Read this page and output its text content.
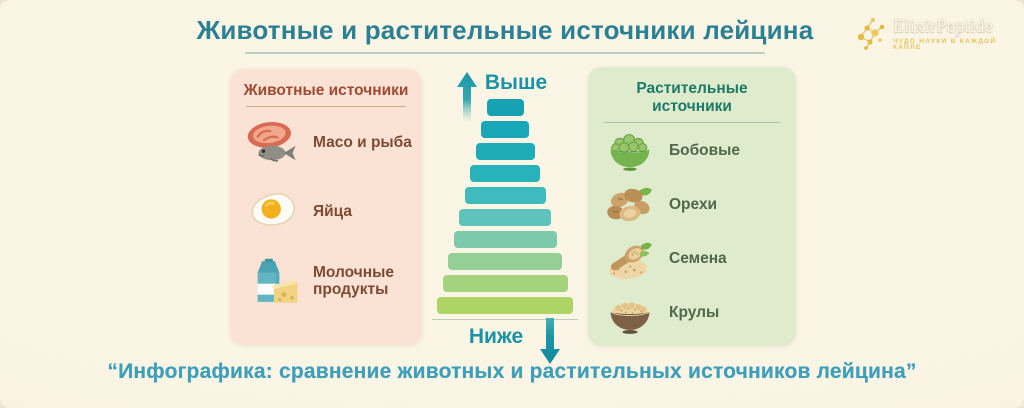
Животные и растительные источники лейцина	ElixirPeptide
ЧУДО НАУКИ В КАЖДОЙ КАПЛЕ
Животные источники
Масо и рыба
Яйца
Молочные продукты
Выше
Ниже
Растительные источники
Бобовые
Орехи
Семена
Крулы
“Инфографика: сравнение животных и растительных источников лейцина”
